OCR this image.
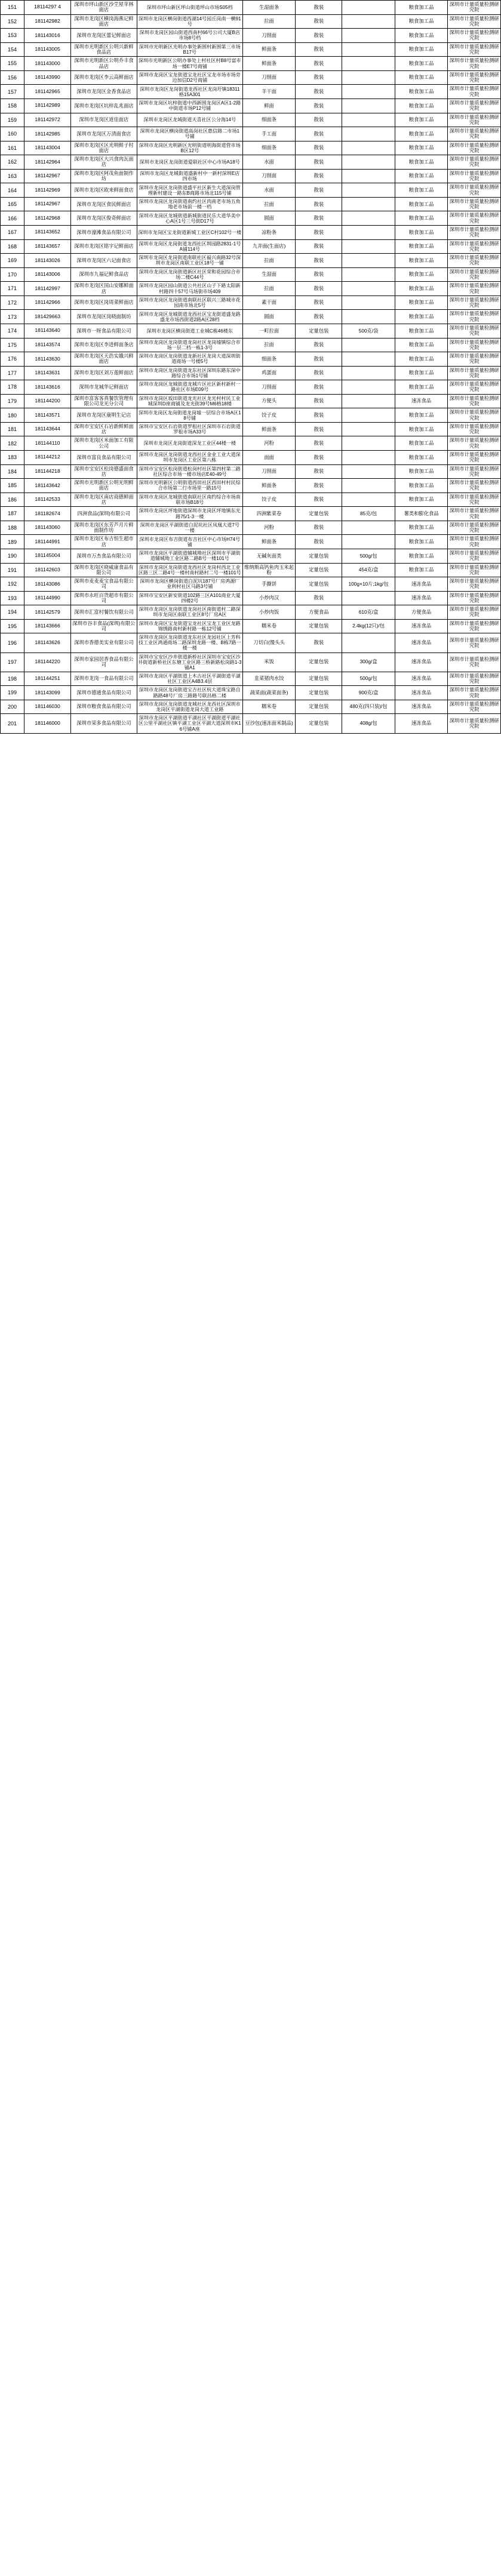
151	18114297 4	深圳市坪山新区沙坣屋苹林面店	深圳市坪山新区坪山街道坪山市场S05档	生湿面条	散装		粮食加工品	深圳市计量质量检测研究院
152	181142982	深圳市龙岗区横岗海燕记鲜面店	深圳市龙岗区横岗街道西湖14号园丘岗南一横91号	拉面	散装		粮食加工品	深圳市计量质量检测研究院
153	181143016	深圳市龙岗区蕾记鲜面店	深圳市龙岗区园山街道西南村66号公司大厦B店市场8号档	刀削面	散装		粮食加工品	深圳市计量质量检测研究院
154	181143005	深圳市光明新区公明兴新鲜食品店	深圳市光明新区光明办事处新围村新围第三市场B17号	鲜面条	散装		粮食加工品	深圳市计量质量检测研究院
155	181143000	深圳市光明新区公明乔丰食品店	深圳市光明新区公明办事处上村社区村B8号富市场一楼E7号商铺	鲜面条	散装		粮食加工品	深圳市计量质量检测研究院
156	181143990	深圳市龙岗区李云高鲜面店	深圳市龙岗区宝龙街道宝龙社区宝龙市场市场旁边加信D2号商铺	刀削面	散装		粮食加工品	深圳市计量质量检测研究院
157	181142965	深圳市龙岗区金香食品店	深圳市龙岗区龙岗街道龙西社区龙岗圩镇18311格15A301	羊干面	散装		粮食加工品	深圳市计量质量检测研究院
158	181142989	深圳市龙岗区坑梓乱兆面店	深圳市龙岗区坑梓街道中西新围龙岗区A区1-2路中街道市场P12号铺	鲜面	散装		粮食加工品	深圳市计量质量检测研究院
159	181142972	深圳市龙岗区道佳面店	深圳市龙岗区龙城街道天喜社区公分海14号	细面条	散装		粮食加工品	深圳市计量质量检测研究院
160	181142985	深圳市龙岗区万清面食店	深圳市龙岗区横岗街道高岗社区惠信路二市场1号铺	手工面	散装		粮食加工品	深圳市计量质量检测研究院
161	181143004	深圳市龙岗区区光明鲜子村面店	深圳市龙岗区光明新区光明街道明海街道营市场B区12号	细面条	散装		粮食加工品	深圳市计量质量检测研究院
162	181142964	深圳市龙岗区大兴食肉瓦面店	深圳市龙岗区龙岗街道爱联社区中心市场A18号	水面	散装		粮食加工品	深圳市计量质量检测研究院
163	181142967	深圳市龙岗区阿茂鱼面制作坊	深圳市龙岗区龙城街道盛新村中一新村深圳E店四市场	刀削面	散装		粮食加工品	深圳市计量质量检测研究院
164	181142969	深圳市龙岗区欧来鲜面食店	深圳市龙岗区龙岗街道盛平社区新生大道深岗管理新村建设一路东B商路市场北115号铺	水面	散装		粮食加工品	深圳市计量质量检测研究院
165	181142967	深圳市龙岗区食民鲜面店	深圳市龙岗区龙岗街道南约社区肉南老市场五角地老市场前一楼一档	拉面	散装		粮食加工品	深圳市计量质量检测研究院
166	181142968	深圳市龙岗区俊奇鲜面店	深圳市龙岗区龙城街道新城街道民乐大道华美中心A区1号三号街D17号	圆面	散装		粮食加工品	深圳市计量质量检测研究院
167	181143652	深圳市濠滩食品有限公司	深圳市龙岗区宝龙街道新城工业区C村102号一楼	凉粉条	散装		粮食加工品	深圳市计量质量检测研究院
168	181143657	深圳市龙岗区铭宇记鲜面店	深圳市龙岗区龙岗街道龙西社区圳园路2831-1号A铺114号	九并面(生面店)	散装		粮食加工品	深圳市计量质量检测研究院
169	181143026	深圳市龙岗区六记面食店	深圳市龙岗区龙岗街道南联社区福兴南路32号深圳市龙岗区南联工业区18号一铺	拉面	散装		粮食加工品	深圳市计量质量检测研究院
170	181143006	深圳市九福记鲜食品店	深圳市龙岗区龙岗街道新区社区荣和花园综合市场二楼C44号	生湿面	散装		粮食加工品	深圳市计量质量检测研究院
171	181142997	深圳市龙岗区国山安娜鲜面店	深圳市龙岗区园山街道公共社区山子下路太阳新村路四十57号马场街市场409	拉面	散装		粮食加工品	深圳市计量质量检测研究院
172	181142966	深圳市龙岗区岗周菜鲜面店	深圳市龙岗区龙岗街道南联社区联兴三路城市花园南市场北5号	素干面	散装		粮食加工品	深圳市计量质量检测研究院
173	181429663	深圳市龙岗区岗晓面制坊	深圳市龙岗区龙城街道龙西社区宝龙街道盛龙路盛龙市场西街道2路A区28档	圆面	散装		粮食加工品	深圳市计量质量检测研究院
174	181143640	深圳市一呀食品有限公司	深圳市龙岗区横岗街道工业城C栋46楼东	一町拉面	定量包装	500克/袋	粮食加工品	深圳市计量质量检测研究院
175	181143574	深圳市龙岗区李进鲜面条店	深圳市龙岗区龙岗街道龙岗社区龙岗墟镇综合市场一层二档一栋1-3号	拉面	散装		粮食加工品	深圳市计量质量检测研究院
176	181143630	深圳市龙岗区天浩实娥兴鲜面店	深圳市龙岗区龙岗街道龙新社区龙岗大道深圳街道商场一号楼5号	细面条	散装		粮食加工品	深圳市计量质量检测研究院
177	181143631	深圳市龙岗区刘万莲鲜面店	深圳市龙岗区龙岗街道龙东社区深圳东路东深中路综合市场1号铺	鸡蛋面	散装		粮食加工品	深圳市计量质量检测研究院
178	181143616	深圳市龙城华记鲜面店	深圳市龙岗区龙城街道龙城片区社区新村新村一路社区市场E09号	刀削面	散装		粮食加工品	深圳市计量质量检测研究院
179	181144200	深圳市富客客真餐饮管理有限公司龙光分公司	深圳市龙岗区坂田街道龙光社区龙光村村民工业城深圳D座商铺及龙光街39号M6格18楼	方便头	散装		速冻食品	深圳市计量质量检测研究院
180	181143571	深圳市龙岗区康明生记店	深圳市龙岗区龙岗街道龙岗墟一层综合市场A区18号铺	饺子皮	散装		粮食加工品	深圳市计量质量检测研究院
181	181143644	深圳市宝安区石岩新鲜鲜面店	深圳市宝安区石岩街道罗租社区深圳市石岩街道罗租市场A33号	鲜面条	散装		粮食加工品	深圳市计量质量检测研究院
182	181144110	深圳市龙岗区米面加工有限公司	深圳市龙岗区龙岗街道深龙工业区44楼一楼	河粉	散装		粮食加工品	深圳市计量质量检测研究院
183	181144212	深圳市富良食品有限公司	深圳市龙岗区龙岗街道龙西社区金业工业大道深圳市龙岗区工业区第八栋	面面	散装		粮食加工品	深圳市计量质量检测研究院
184	181144218	深圳市宝安区松岗德盛面食店	深圳市宝安区松岗街道松岗村社区第四村第二路社区综合市场一楼市场店E40-49号	刀削面	散装		粮食加工品	深圳市计量质量检测研究院
185	181143642	深圳市光明新区公明光明鲜面店	深圳市光明新区公明街道西田社区西田村村民综合市场第二行市场里一路15号	鲜面条	散装		粮食加工品	深圳市计量质量检测研究院
186	181142533	深圳市龙岗区南店商德鲜面店	深圳市龙岗区龙城街道南联社区南约综合市场南联市场B18号	饺子皮	散装		粮食加工品	深圳市计量质量检测研究院
187	181182674	四洲食品(深圳)有限公司	深圳市龙岗区坪地街道深圳市龙岗区坪地镇东光路75/1-3一楼	四洲紫菜卷	定量包装	85克/包	薯类和膨化食品	深圳市计量质量检测研究院
188	181143060	深圳市龙岗区东芳芦月片鲜面制作坊	深圳市龙岗区平湖街道白泥坑社区凤凰大道7号一楼	河粉	散装		粮食加工品	深圳市计量质量检测研究院
189	181144991	深圳市龙岗区布吉恒生超市店	深圳市龙岗区布吉街道布吉社区中心市场H74号铺	鲜面条	散装		粮食加工品	深圳市计量质量检测研究院
190	181145004	深圳市万杰食品有限公司	深圳市龙岗区平湖街道辅城坳社区深圳市平湖街道辅城坳工业区路二路B号一楼101号	无碱灰面类	定量包装	500g/包	粮食加工品	深圳市计量质量检测研究院
191	181142603	深圳市龙岗区晓威康食品有限公司	深圳市龙岗区龙岗街道龙西社区龙岗村西北工业区路三区二路4号一楼村南村路村二号一楼101号	维纳斯高钙鱼肉玉米起粉	定量包装	454克/盒	粮食加工品	深圳市计量质量检测研究院
192	181143086	深圳市麦麦麦宝食品有限公司	深圳市龙岗区横岗街道白泥坑187号厂房鸿源厂业利村社区马路3号铺	手撕饼	定量包装	100g×10片;1kg/包	速冻食品	深圳市计量质量检测研究院
193	181144990	深圳市永旺百货超市有限公司	深圳市宝安区新安街道102路三区A101商业大厦四楼2号	小炒肉汉	散装		速冻食品	深圳市计量质量检测研究院
194	181142579	深圳市汇富村餐饮有限公司	深圳市龙岗区龙岗街道龙岗社区南街道村二路深圳市龙岗区南联工业区8号厂房A区	小炒肉饭	方便食品	610克/盒	方便食品	深圳市计量质量检测研究院
195	181143666	深圳市谷丰食品(深圳)有限公司	深圳市龙岗区宝龙街道宝龙社区宝龙工业区龙路锦绣路南村新村路一栋12号铺	糯米卷	定量包装	2.4kg(12只)/包	速冻食品	深圳市计量质量检测研究院
196	181143626	深圳市香德美实业有限公司	深圳市龙岗区龙岗街道龙东社区龙园社区上芳科技工业区鸿通商场二路深圳龙路一楼、B栋7路一楼一楼	刀切白(馒头头	散装		速冻食品	深圳市计量质量检测研究院
197	181144220	深圳市家园居香食品有限公司	深圳市宝安区沙井街道新桥社区深圳市宝安区沙井街道新桥社区东塘工业区路三桥新路松岗路1-3铺A1	米饭	定量包装	300g/盒	速冻食品	深圳市计量质量检测研究院
198	181144251	深圳市龙岗一食品有限公司	深圳市龙岗区平湖街道上木古社区平湖街道平湖社区工业区A4B3.4层	韭菜猪肉水饺	定量包装	500g/包	速冻食品	深圳市计量质量检测研究院
199	181143099	深圳市德通食品有限公司	深圳市龙岗区龙岗街道宝吉社区杭大道珠宝路自路路48号厂房三路路号联昌格二楼	蔬菜面(蔬菜面条)	定量包装	900克/盒	速冻食品	深圳市计量质量检测研究院
200	181146030	深圳市粮食食品有限公司	深圳市龙岗区龙岗街道龙城社区龙西社区深圳市龙岗区平湖街道龙岗大道工业路	糯米卷	定量包装	480克(四只装)/包	速冻食品	深圳市计量质量检测研究院
201	181146000	深圳市荣多食品有限公司	深圳市龙岗区平湖街道平湖社区平湖街道平湖社区公里平湖社区镇平湖工业区平湖大道深圳市K16号铺A座	豆沙包(速冻面米制品)	定量包装	408g/包	速冻食品	深圳市计量质量检测研究院
